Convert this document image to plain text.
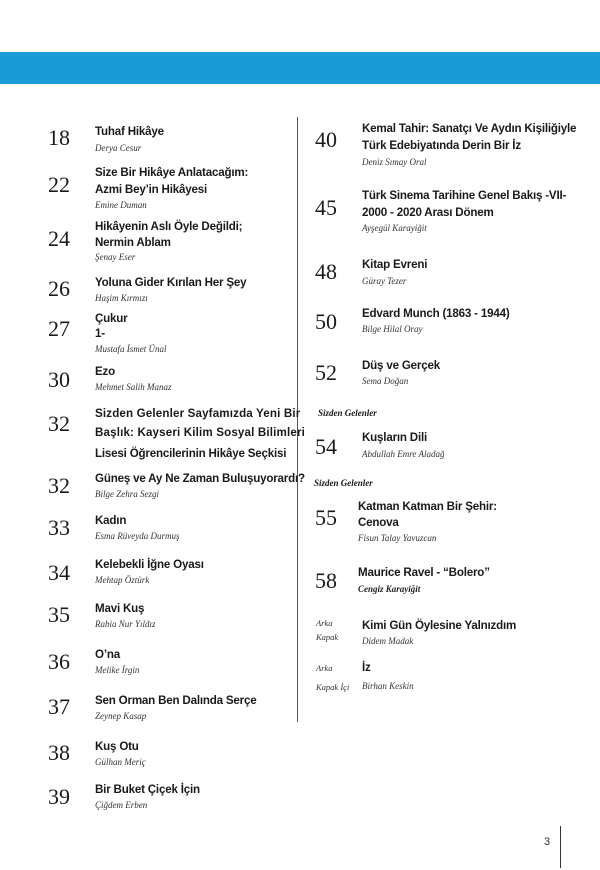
18 Tuhaf Hikâye
Derya Cesur
22 Size Bir Hikâye Anlatacağım:
Azmi Bey’in Hikâyesi
Emine Duman
24 Hikâyenin Aslı Öyle Değildi;
Nermin Ablam
Şenay Eser
26 Yoluna Gider Kırılan Her Şey
Haşim Kırmızı
27 Çukur
1-
Mustafa İsmet Ünal
30 Ezo
Mehmet Salih Manaz
32 Sizden Gelenler Sayfamızda Yeni Bir
Başlık: Kayseri Kilim Sosyal Bilimleri
Lisesi Öğrencilerinin Hikâye Seçkisi
32 Güneş ve Ay Ne Zaman Buluşuyorardı?
Bilge Zehra Sezgi
33 Kadın
Esma Rüveyda Durmuş
34 Kelebekli İğne Oyası
Mehtap Öztürk
35 Mavi Kuş
Rabia Nur Yıldız
36 O’na
Melike İrgin
37 Sen Orman Ben Dalında Serçe
Zeynep Kasap
38 Kuş Otu
Gülhan Meriç
39 Bir Buket Çiçek İçin
Çiğdem Erben
40 Kemal Tahir: Sanatçı Ve Aydın Kişiliğiyle
Türk Edebiyatında Derin Bir İz
Deniz Sımay Oral
45 Türk Sinema Tarihine Genel Bakış -VII-
2000 - 2020 Arası Dönem
Ayşegül Karayiğit
48 Kitap Evreni
Güray Tezer
50 Edvard Munch (1863 - 1944)
Bilge Hilal Oray
52 Düş ve Gerçek
Sema Doğan
Sizden Gelenler
54 Kuşların Dili
Abdullah Emre Aladağ
Sizden Gelenler
55 Katman Katman Bir Şehir:
Cenova
Fisun Talay Yavuzcan
58 Maurice Ravel - “Bolero”
Cengiz Karayiğit
Arka
Kapak
Kimi Gün Öylesine Yalnızdım
Didem Madak
Arka
Kapak İçi
İz
Birhan Keskin
3
